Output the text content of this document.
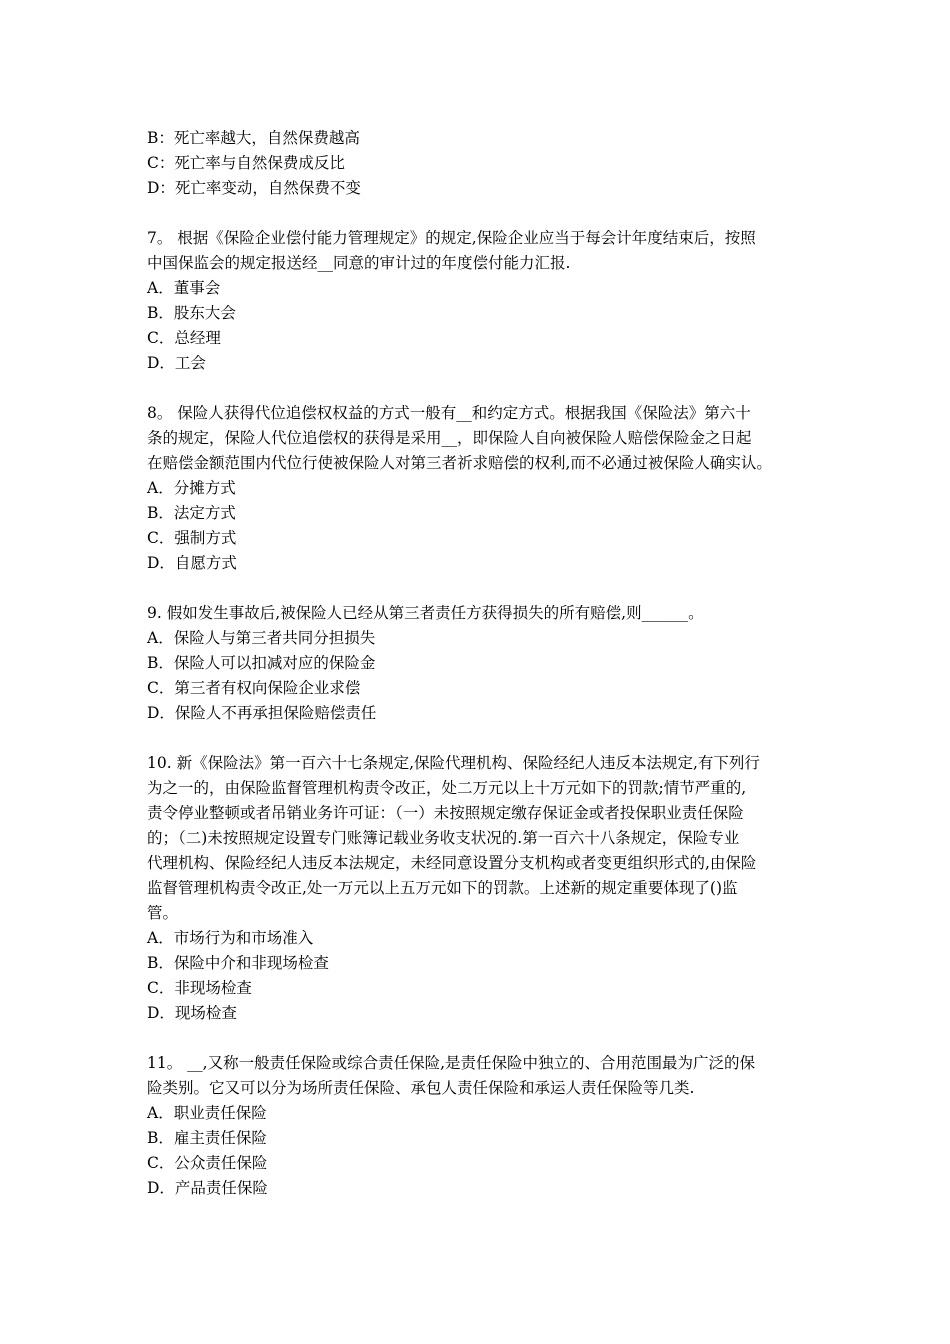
B：死亡率越大，自然保费越高
C：死亡率与自然保费成反比
D：死亡率变动，自然保费不变
7。 根据《保险企业偿付能力管理规定》的规定,保险企业应当于每会计年度结束后，按照
中国保监会的规定报送经__同意的审计过的年度偿付能力汇报.
A．董事会
B．股东大会
C．总经理
D．工会
8。 保险人获得代位追偿权权益的方式一般有__和约定方式。根据我国《保险法》第六十
条的规定，保险人代位追偿权的获得是采用__，即保险人自向被保险人赔偿保险金之日起
在赔偿金额范围内代位行使被保险人对第三者祈求赔偿的权利,而不必通过被保险人确实认。
A．分摊方式
B．法定方式
C．强制方式
D．自愿方式
9. 假如发生事故后,被保险人已经从第三者责任方获得损失的所有赔偿,则______。
A．保险人与第三者共同分担损失
B．保险人可以扣减对应的保险金
C．第三者有权向保险企业求偿
D．保险人不再承担保险赔偿责任
10. 新《保险法》第一百六十七条规定,保险代理机构、保险经纪人违反本法规定,有下列行
为之一的，由保险监督管理机构责令改正，处二万元以上十万元如下的罚款;情节严重的,
责令停业整顿或者吊销业务许可证：（一）未按照规定缴存保证金或者投保职业责任保险
的；（二)未按照规定设置专门账簿记载业务收支状况的.第一百六十八条规定，保险专业
代理机构、保险经纪人违反本法规定，未经同意设置分支机构或者变更组织形式的,由保险
监督管理机构责令改正,处一万元以上五万元如下的罚款。上述新的规定重要体现了()监
管。
A．市场行为和市场准入
B．保险中介和非现场检查
C．非现场检查
D．现场检查
11。 __,又称一般责任保险或综合责任保险,是责任保险中独立的、合用范围最为广泛的保
险类别。它又可以分为场所责任保险、承包人责任保险和承运人责任保险等几类.
A．职业责任保险
B．雇主责任保险
C．公众责任保险
D．产品责任保险
